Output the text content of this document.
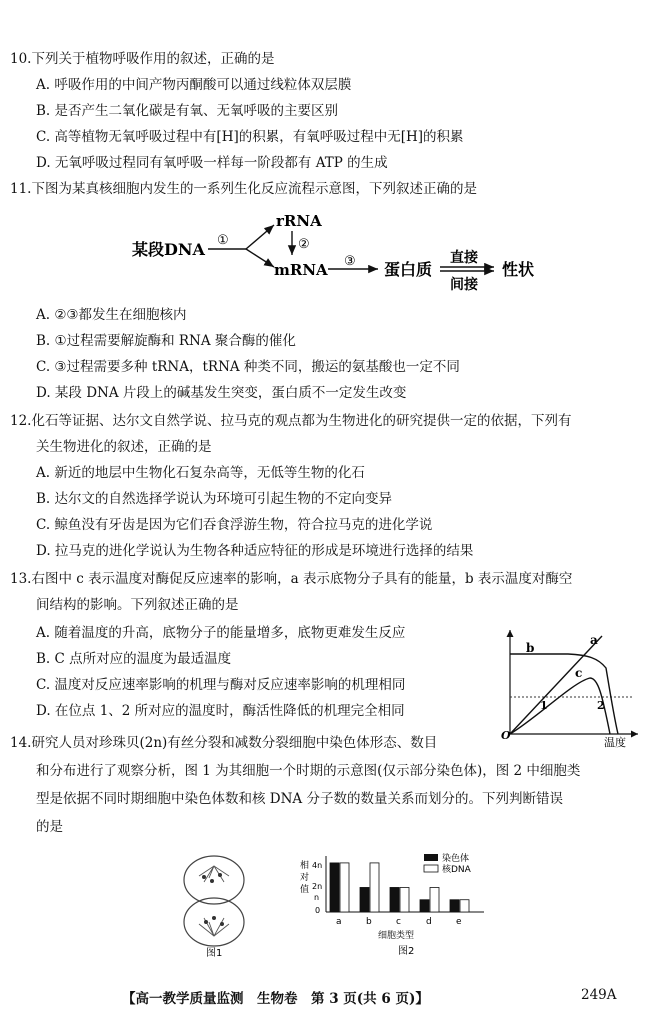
10.下列关于植物呼吸作用的叙述，正确的是
A. 呼吸作用的中间产物丙酮酸可以通过线粒体双层膜
B. 是否产生二氧化碳是有氧、无氧呼吸的主要区别
C. 高等植物无氧呼吸过程中有[H]的积累，有氧呼吸过程中无[H]的积累
D. 无氧呼吸过程同有氧呼吸一样每一阶段都有 ATP 的生成
11.下图为某真核细胞内发生的一系列生化反应流程示意图，下列叙述正确的是
某段DNA ①
rRNA
②
mRNA ③ 蛋白质
直接
间接
性状
A. ②③都发生在细胞核内
B. ①过程需要解旋酶和 RNA 聚合酶的催化
C. ③过程需要多种 tRNA，tRNA 种类不同，搬运的氨基酸也一定不同
D. 某段 DNA 片段上的碱基发生突变，蛋白质不一定发生改变
12.化石等证据、达尔文自然学说、拉马克的观点都为生物进化的研究提供一定的依据，下列有
关生物进化的叙述，正确的是
A. 新近的地层中生物化石复杂高等，无低等生物的化石
B. 达尔文的自然选择学说认为环境可引起生物的不定向变异
C. 鲸鱼没有牙齿是因为它们吞食浮游生物，符合拉马克的进化学说
D. 拉马克的进化学说认为生物各种适应特征的形成是环境进行选择的结果
13.右图中 c 表示温度对酶促反应速率的影响，a 表示底物分子具有的能量，b 表示温度对酶空
间结构的影响。下列叙述正确的是
A. 随着温度的升高，底物分子的能量增多，底物更难发生反应
B. C 点所对应的温度为最适温度
C. 温度对反应速率影响的机理与酶对反应速率影响的机理相同
D. 在位点 1、2 所对应的温度时，酶活性降低的机理完全相同
a
b
c
1	2
O
温度
14.研究人员对珍珠贝(2n)有丝分裂和减数分裂细胞中染色体形态、数目
和分布进行了观察分析，图 1 为其细胞一个时期的示意图(仅示部分染色体)，图 2 中细胞类
型是依据不同时期细胞中染色体数和核 DNA 分子数的数量关系而划分的。下列判断错误
的是
图1
相
对
值
4n
2n
n
0
a	b	c	d	e
染色体
核DNA
细胞类型
图2
【高一教学质量监测　生物卷　第 3 页(共 6 页)】	249A
